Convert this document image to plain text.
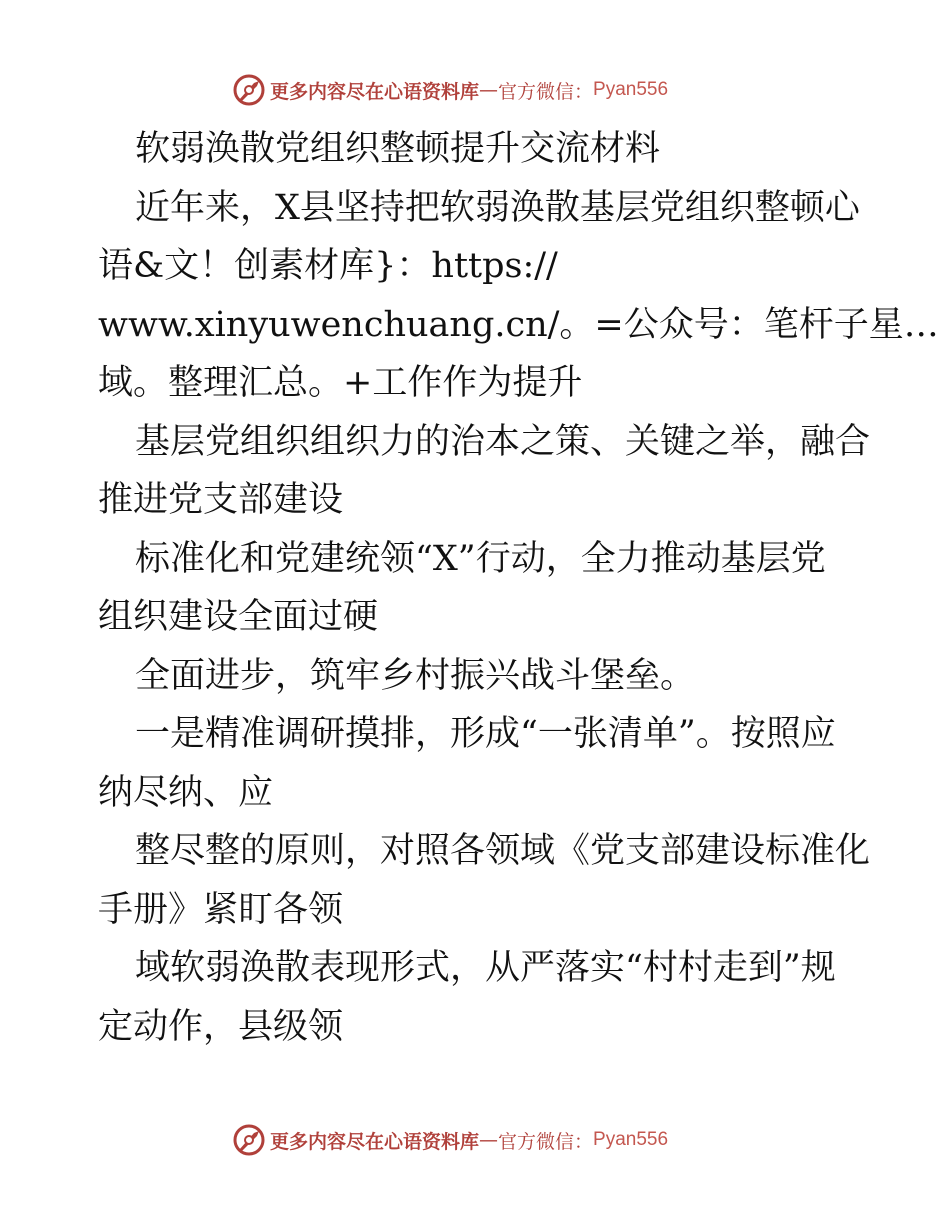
更多内容尽在心语资料库 — 官方微信： Pyan556
软弱涣散党组织整顿提升交流材料
近年来，X县坚持把软弱涣散基层党组织整顿心
语&文！创素材库}：https://
www.xinyuwenchuang.cn/。=公众号：笔杆子星…
域。整理汇总。+工作作为提升
基层党组织组织力的治本之策、关键之举，融合
推进党支部建设
标准化和党建统领“X”行动，全力推动基层党
组织建设全面过硬
全面进步，筑牢乡村振兴战斗堡垒。
一是精准调研摸排，形成“一张清单”。按照应
纳尽纳、应
整尽整的原则，对照各领域《党支部建设标准化
手册》紧盯各领
域软弱涣散表现形式，从严落实“村村走到”规
定动作，县级领
更多内容尽在心语资料库 — 官方微信： Pyan556
